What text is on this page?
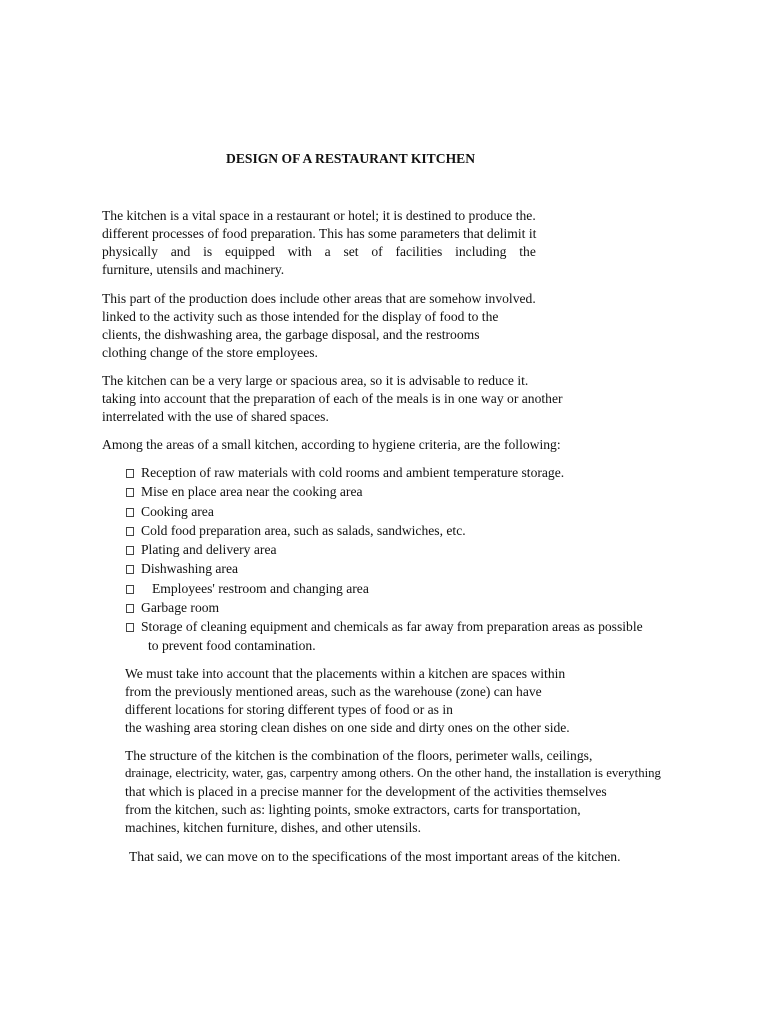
DESIGN OF A RESTAURANT KITCHEN
The kitchen is a vital space in a restaurant or hotel; it is destined to produce the.
different processes of food preparation. This has some parameters that delimit it
physically and is equipped with a set of facilities including the
furniture, utensils and machinery.
This part of the production does include other areas that are somehow involved.
linked to the activity such as those intended for the display of food to the
clients, the dishwashing area, the garbage disposal, and the restrooms
clothing change of the store employees.
The kitchen can be a very large or spacious area, so it is advisable to reduce it.
taking into account that the preparation of each of the meals is in one way or another
interrelated with the use of shared spaces.
Among the areas of a small kitchen, according to hygiene criteria, are the following:
Reception of raw materials with cold rooms and ambient temperature storage.
Mise en place area near the cooking area
Cooking area
Cold food preparation area, such as salads, sandwiches, etc.
Plating and delivery area
Dishwashing area
Employees' restroom and changing area
Garbage room
Storage of cleaning equipment and chemicals as far away from preparation areas as possible
to prevent food contamination.
We must take into account that the placements within a kitchen are spaces within
from the previously mentioned areas, such as the warehouse (zone) can have
different locations for storing different types of food or as in
the washing area storing clean dishes on one side and dirty ones on the other side.
The structure of the kitchen is the combination of the floors, perimeter walls, ceilings,
drainage, electricity, water, gas, carpentry among others. On the other hand, the installation is everything
that which is placed in a precise manner for the development of the activities themselves
from the kitchen, such as: lighting points, smoke extractors, carts for transportation,
machines, kitchen furniture, dishes, and other utensils.
That said, we can move on to the specifications of the most important areas of the kitchen.
